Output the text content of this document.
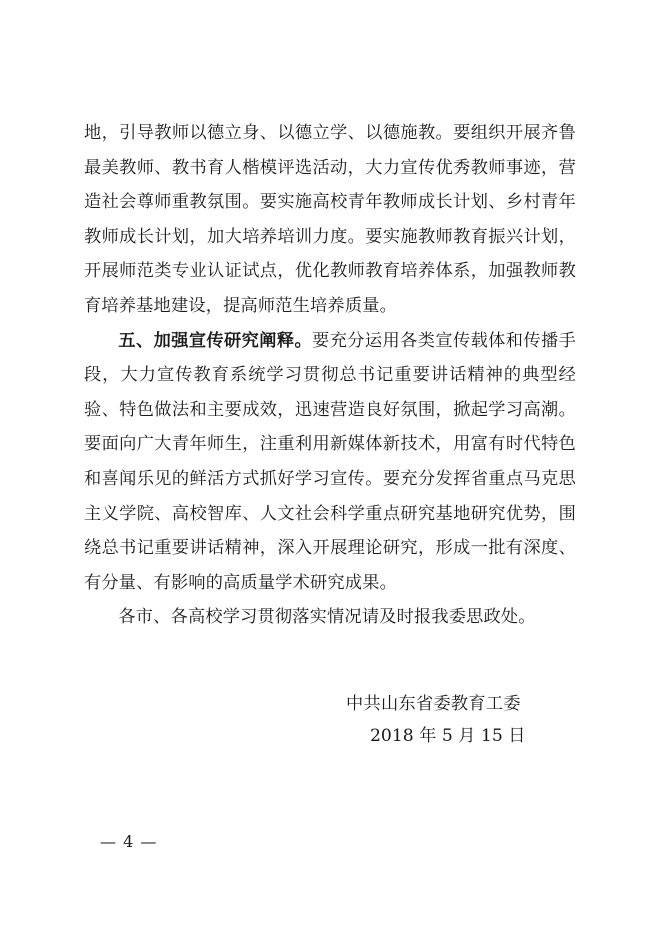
地，引导教师以德立身、以德立学、以德施教。要组织开展齐鲁最美教师、教书育人楷模评选活动，大力宣传优秀教师事迹，营造社会尊师重教氛围。要实施高校青年教师成长计划、乡村青年教师成长计划，加大培养培训力度。要实施教师教育振兴计划，开展师范类专业认证试点，优化教师教育培养体系，加强教师教育培养基地建设，提高师范生培养质量。

五、加强宣传研究阐释。要充分运用各类宣传载体和传播手段，大力宣传教育系统学习贯彻总书记重要讲话精神的典型经验、特色做法和主要成效，迅速营造良好氛围，掀起学习高潮。要面向广大青年师生，注重利用新媒体新技术，用富有时代特色和喜闻乐见的鲜活方式抓好学习宣传。要充分发挥省重点马克思主义学院、高校智库、人文社会科学重点研究基地研究优势，围绕总书记重要讲话精神，深入开展理论研究，形成一批有深度、有分量、有影响的高质量学术研究成果。

各市、各高校学习贯彻落实情况请及时报我委思政处。

中共山东省委教育工委
2018 年 5 月 15 日
— 4 —
